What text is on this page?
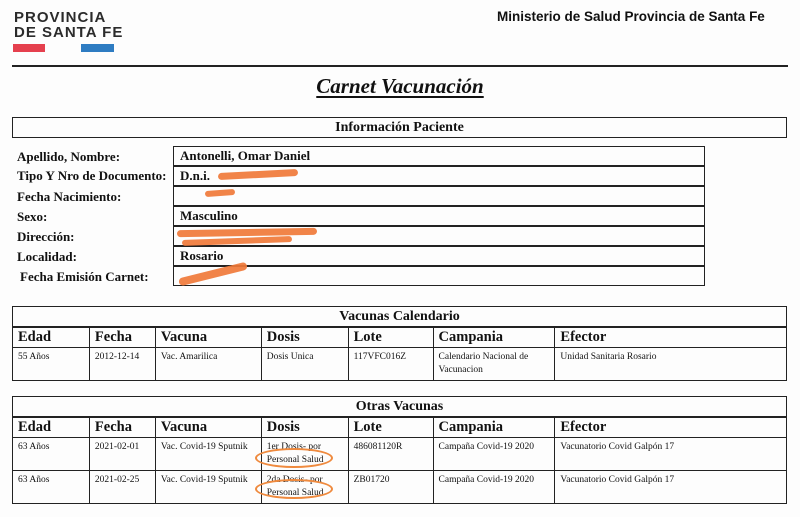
PROVINCIA
DE SANTA FE
Ministerio de Salud Provincia de Santa Fe
Carnet Vacunación
Información Paciente
Apellido, Nombre:	Antonelli, Omar Daniel
Tipo Y Nro de Documento:	D.n.i.
Fecha Nacimiento:
Sexo:	Masculino
Dirección:
Localidad:	Rosario
Fecha Emisión Carnet:
Vacunas Calendario
Edad	Fecha	Vacuna	Dosis	Lote	Campania	Efector
55 Años	2012-12-14	Vac. Amarilica	Dosis Unica	117VFC016Z	Calendario Nacional de Vacunacion	Unidad Sanitaria Rosario
Otras Vacunas
Edad	Fecha	Vacuna	Dosis	Lote	Campania	Efector
63 Años	2021-02-01	Vac. Covid-19 Sputnik	1er Dosis- por Personal Salud	486081120R	Campaña Covid-19 2020	Vacunatorio Covid Galpón 17
63 Años	2021-02-25	Vac. Covid-19 Sputnik	2da Dosis- por Personal Salud	ZB01720	Campaña Covid-19 2020	Vacunatorio Covid Galpón 17
